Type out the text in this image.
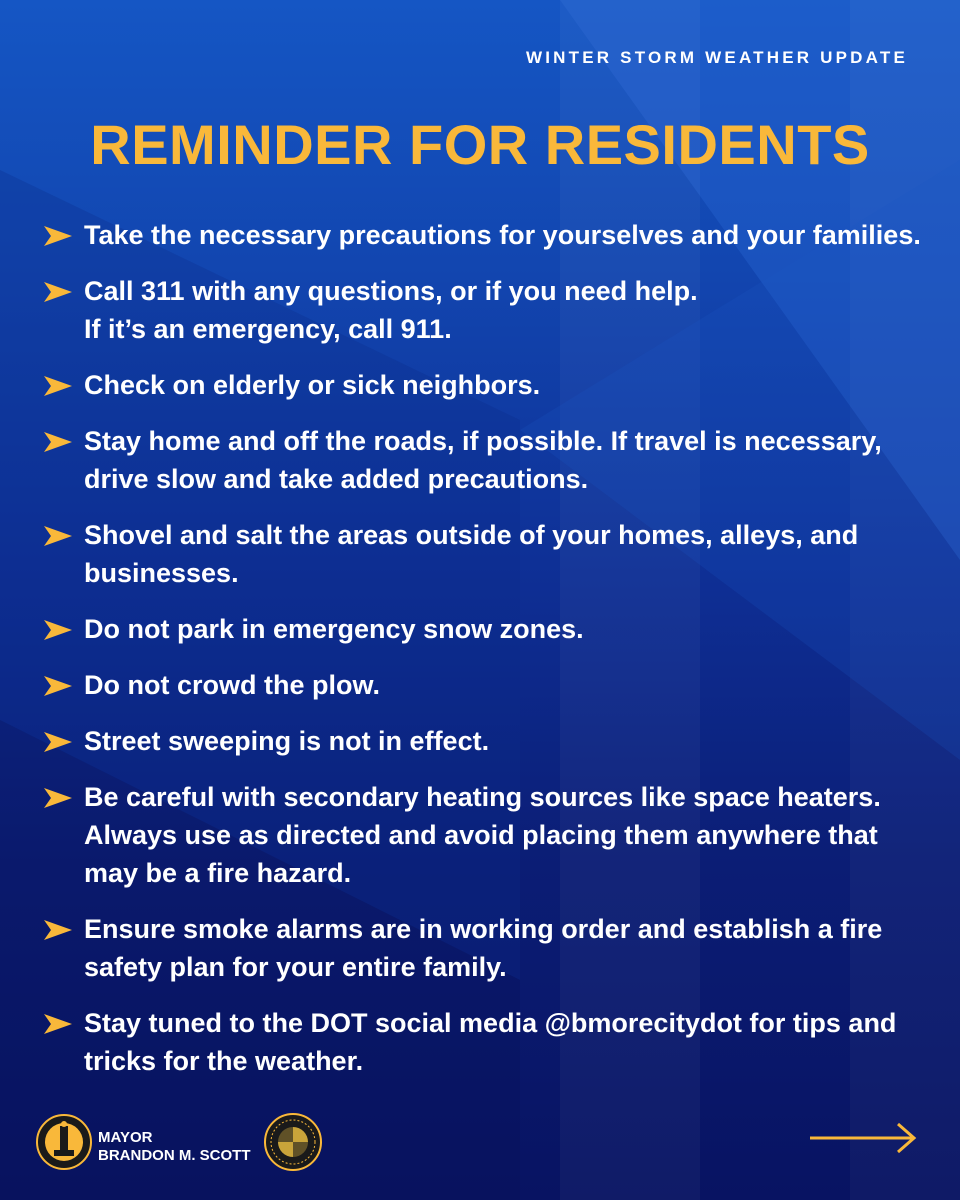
WINTER STORM WEATHER UPDATE
REMINDER FOR RESIDENTS
Take the necessary precautions for yourselves and your families.
Call 311 with any questions, or if you need help.
If it’s an emergency, call 911.
Check on elderly or sick neighbors.
Stay home and off the roads, if possible. If travel is necessary, drive slow and take added precautions.
Shovel and salt the areas outside of your homes, alleys, and businesses.
Do not park in emergency snow zones.
Do not crowd the plow.
Street sweeping is not in effect.
Be careful with secondary heating sources like space heaters. Always use as directed and avoid placing them anywhere that may be a fire hazard.
Ensure smoke alarms are in working order and establish a fire safety plan for your entire family.
Stay tuned to the DOT social media @bmorecitydot for tips and tricks for the weather.
MAYOR
BRANDON M. SCOTT
